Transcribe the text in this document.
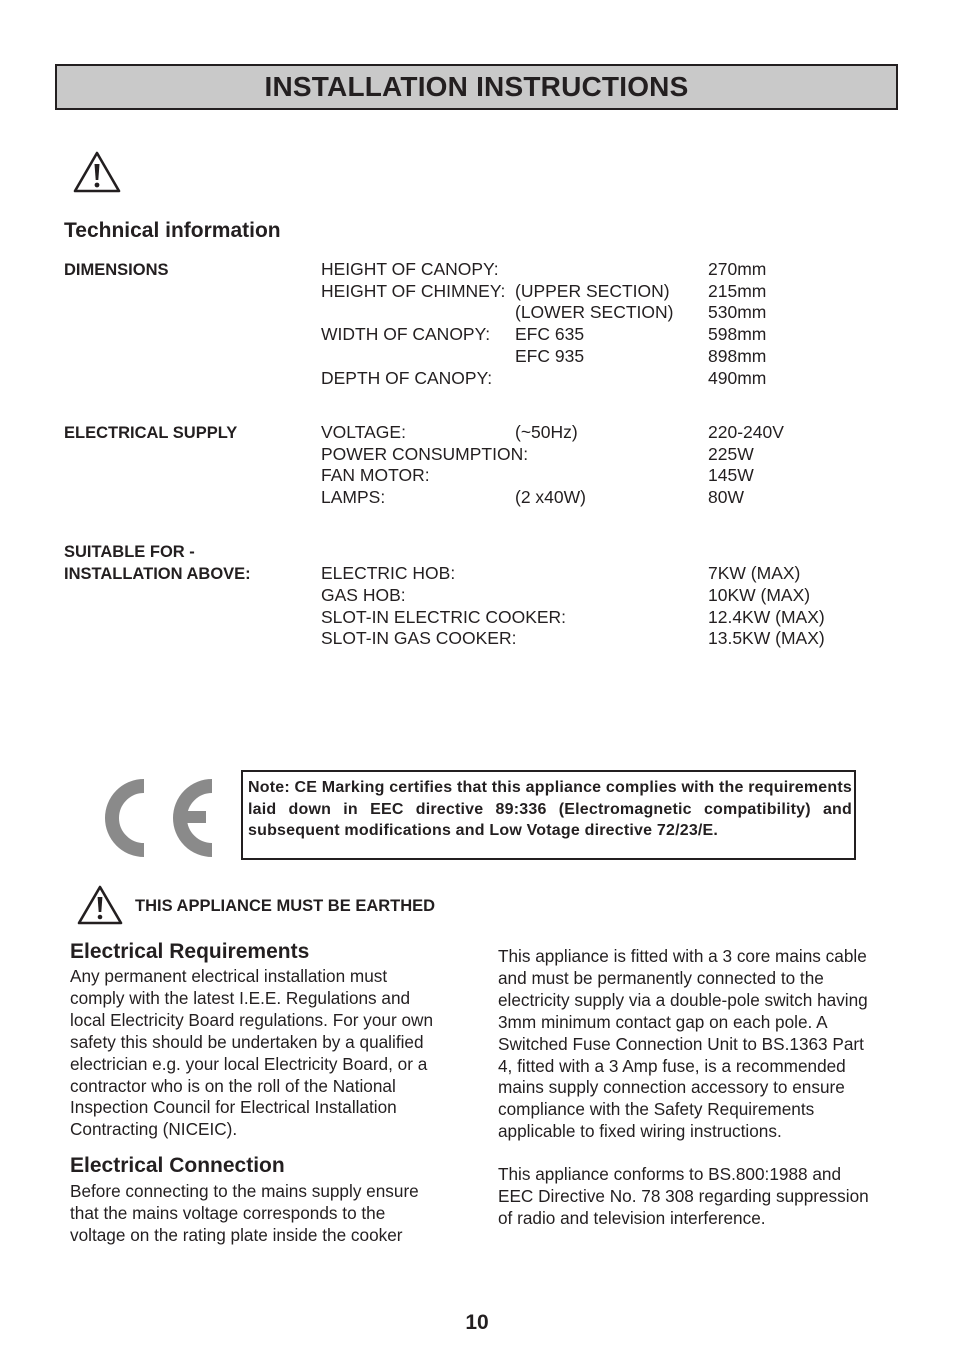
INSTALLATION INSTRUCTIONS
Technical information
DIMENSIONS	HEIGHT OF CANOPY:	270mm
HEIGHT OF CHIMNEY: (UPPER SECTION) 215mm
(LOWER SECTION) 530mm
WIDTH OF CANOPY: EFC 635	598mm
EFC 935	898mm
DEPTH OF CANOPY:	490mm
ELECTRICAL SUPPLY	VOLTAGE:	(~50Hz)	220-240V
POWER CONSUMPTION:	225W
FAN MOTOR:	145W
LAMPS:	(2 x40W)	80W
SUITABLE FOR -
INSTALLATION ABOVE:	ELECTRIC HOB:	7KW (MAX)
GAS HOB:	10KW (MAX)
SLOT-IN ELECTRIC COOKER:	12.4KW (MAX)
SLOT-IN GAS COOKER:	13.5KW (MAX)
Note: CE Marking certifies that this appliance complies with the requirements laid down in EEC directive 89:336 (Electromagnetic compatibility) and subsequent modifications and Low Votage directive 72/23/E.
THIS APPLIANCE MUST BE EARTHED
Electrical Requirements
Any permanent electrical installation must
comply with the latest I.E.E. Regulations and
local Electricity Board regulations. For your own
safety this should be undertaken by a qualified
electrician e.g. your local Electricity Board, or a
contractor who is on the roll of the National
Inspection Council for Electrical Installation
Contracting (NICEIC).
Electrical Connection
Before connecting to the mains supply ensure
that the mains voltage corresponds to the
voltage on the rating plate inside the cooker
This appliance is fitted with a 3 core mains cable
and must be permanently connected to the
electricity supply via a double-pole switch having
3mm minimum contact gap on each pole. A
Switched Fuse Connection Unit to BS.1363 Part
4, fitted with a 3 Amp fuse, is a recommended
mains supply connection accessory to ensure
compliance with the Safety Requirements
applicable to fixed wiring instructions.
This appliance conforms to BS.800:1988 and
EEC Directive No. 78 308 regarding suppression
of radio and television interference.
10
